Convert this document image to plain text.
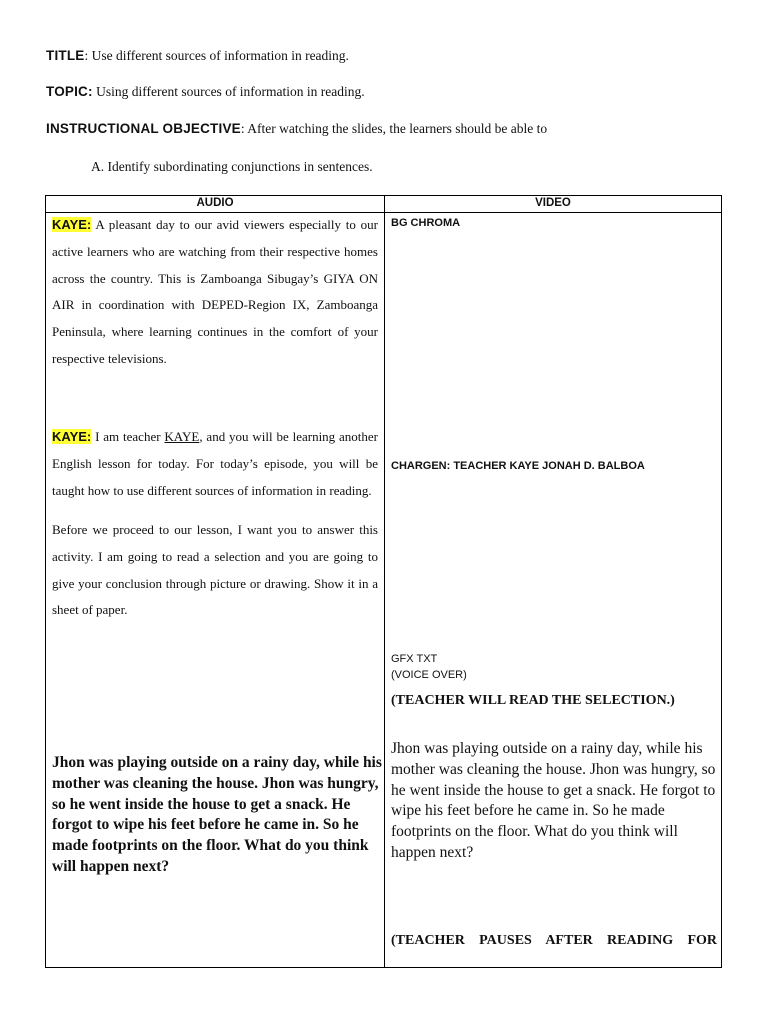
TITLE: Use different sources of information in reading.
TOPIC: Using different sources of information in reading.
INSTRUCTIONAL OBJECTIVE: After watching the slides, the learners should be able to
A. Identify subordinating conjunctions in sentences.
AUDIO	VIDEO
KAYE: A pleasant day to our avid viewers especially to our active learners who are watching from their respective homes across the country. This is Zamboanga Sibugay’s GIYA ON AIR in coordination with DEPED-Region IX, Zamboanga Peninsula, where learning continues in the comfort of your respective televisions.
KAYE: I am teacher KAYE, and you will be learning another English lesson for today. For today’s episode, you will be taught how to use different sources of information in reading.
Before we proceed to our lesson, I want you to answer this activity. I am going to read a selection and you are going to give your conclusion through picture or drawing. Show it in a sheet of paper.
Jhon was playing outside on a rainy day, while his mother was cleaning the house. Jhon was hungry, so he went inside the house to get a snack. He forgot to wipe his feet before he came in. So he made footprints on the floor. What do you think will happen next?
BG CHROMA
CHARGEN: TEACHER KAYE JONAH D. BALBOA
GFX TXT
(VOICE OVER)
(TEACHER WILL READ THE SELECTION.)
Jhon was playing outside on a rainy day, while his mother was cleaning the house. Jhon was hungry, so he went inside the house to get a snack. He forgot to wipe his feet before he came in. So he made footprints on the floor. What do you think will happen next?
(TEACHER PAUSES AFTER READING FOR
